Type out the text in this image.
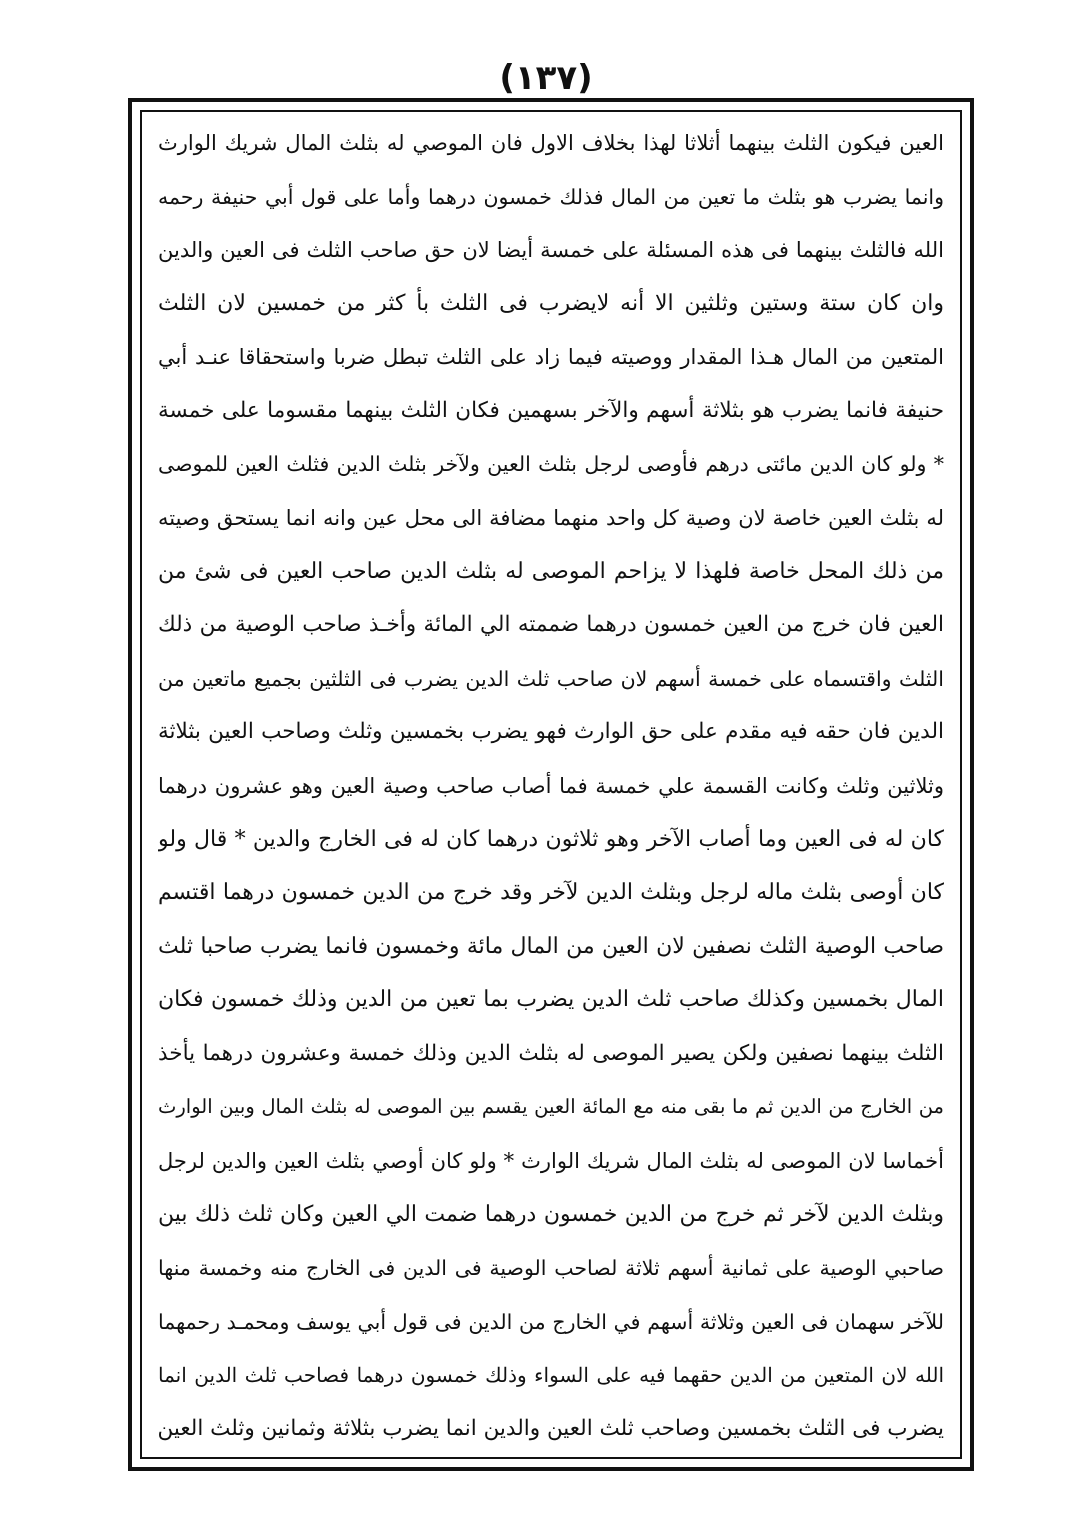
(١٣٧)
العين فيكون الثلث بينهما أثلاثا لهذا بخلاف الاول فان الموصي له بثلث المال شريك الوارث
وانما يضرب هو بثلث ما تعين من المال فذلك خمسون درهما وأما على قول أبي حنيفة رحمه
الله فالثلث بينهما فى هذه المسئلة على خمسة أيضا لان حق صاحب الثلث فى العين والدين
وان كان ستة وستين وثلثين الا أنه لايضرب فى الثلث بأ كثر من خمسين لان الثلث
المتعين من المال هـذا المقدار ووصيته فيما زاد على الثلث تبطل ضربا واستحقاقا عنـد أبي
حنيفة فانما يضرب هو بثلاثة أسهم والآخر بسهمين فكان الثلث بينهما مقسوما على خمسة
* ولو كان الدين مائتى درهم فأوصى لرجل بثلث العين ولآخر بثلث الدين فثلث العين للموصى
له بثلث العين خاصة لان وصية كل واحد منهما مضافة الى محل عين وانه انما يستحق وصيته
من ذلك المحل خاصة فلهذا لا يزاحم الموصى له بثلث الدين صاحب العين فى شئ من
العين فان خرج من العين خمسون درهما ضممته الي المائة وأخـذ صاحب الوصية من ذلك
الثلث واقتسماه على خمسة أسهم لان صاحب ثلث الدين يضرب فى الثلثين بجميع ماتعين من
الدين فان حقه فيه مقدم على حق الوارث فهو يضرب بخمسين وثلث وصاحب العين بثلاثة
وثلاثين وثلث وكانت القسمة علي خمسة فما أصاب صاحب وصية العين وهو عشرون درهما
كان له فى العين وما أصاب الآخر وهو ثلاثون درهما كان له فى الخارج والدين * قال ولو
كان أوصى بثلث ماله لرجل وبثلث الدين لآخر وقد خرج من الدين خمسون درهما اقتسم
صاحب الوصية الثلث نصفين لان العين من المال مائة وخمسون فانما يضرب صاحبا ثلث
المال بخمسين وكذلك صاحب ثلث الدين يضرب بما تعين من الدين وذلك خمسون فكان
الثلث بينهما نصفين ولكن يصير الموصى له بثلث الدين وذلك خمسة وعشرون درهما يأخذ
من الخارج من الدين ثم ما بقى منه مع المائة العين يقسم بين الموصى له بثلث المال وبين الوارث
أخماسا لان الموصى له بثلث المال شريك الوارث * ولو كان أوصي بثلث العين والدين لرجل
وبثلث الدين لآخر ثم خرج من الدين خمسون درهما ضمت الي العين وكان ثلث ذلك بين
صاحبي الوصية على ثمانية أسهم ثلاثة لصاحب الوصية فى الدين فى الخارج منه وخمسة منها
للآخر سهمان فى العين وثلاثة أسهم في الخارج من الدين فى قول أبي يوسف ومحمـد رحمهما
الله لان المتعين من الدين حقهما فيه على السواء وذلك خمسون درهما فصاحب ثلث الدين انما
يضرب فى الثلث بخمسين وصاحب ثلث العين والدين انما يضرب بثلاثة وثمانين وثلث العين
